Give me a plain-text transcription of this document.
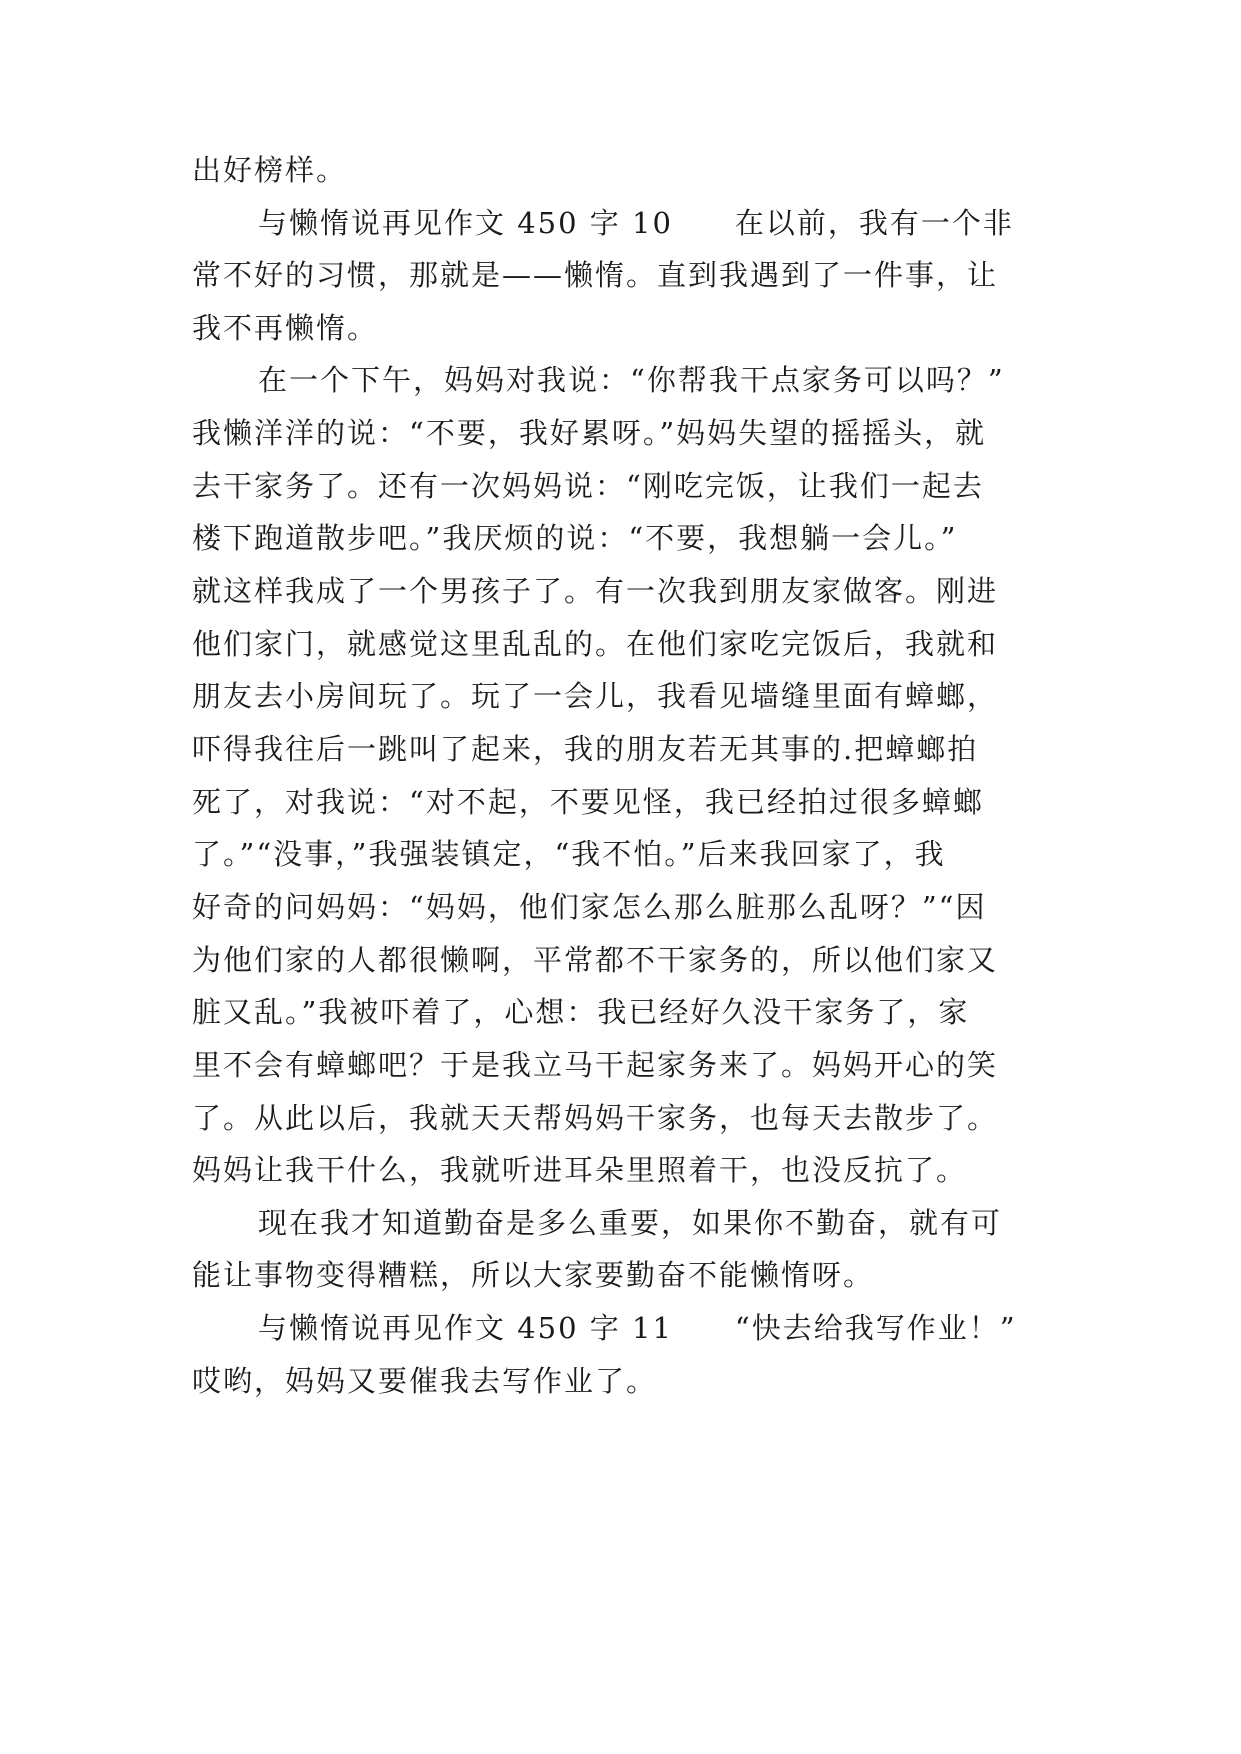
出好榜样。
与懒惰说再见作文 450 字 10　　在以前，我有一个非
常不好的习惯，那就是——懒惰。直到我遇到了一件事，让
我不再懒惰。
在一个下午，妈妈对我说：“你帮我干点家务可以吗？”
我懒洋洋的说：“不要，我好累呀。”妈妈失望的摇摇头，就
去干家务了。还有一次妈妈说：“刚吃完饭，让我们一起去
楼下跑道散步吧。”我厌烦的说：“不要，我想躺一会儿。”
就这样我成了一个男孩子了。有一次我到朋友家做客。刚进
他们家门，就感觉这里乱乱的。在他们家吃完饭后，我就和
朋友去小房间玩了。玩了一会儿，我看见墙缝里面有蟑螂，
吓得我往后一跳叫了起来，我的朋友若无其事的.把蟑螂拍
死了，对我说：“对不起，不要见怪，我已经拍过很多蟑螂
了。”“没事，”我强装镇定，“我不怕。”后来我回家了，我
好奇的问妈妈：“妈妈，他们家怎么那么脏那么乱呀？”“因
为他们家的人都很懒啊，平常都不干家务的，所以他们家又
脏又乱。”我被吓着了，心想：我已经好久没干家务了，家
里不会有蟑螂吧？于是我立马干起家务来了。妈妈开心的笑
了。从此以后，我就天天帮妈妈干家务，也每天去散步了。
妈妈让我干什么，我就听进耳朵里照着干，也没反抗了。
现在我才知道勤奋是多么重要，如果你不勤奋，就有可
能让事物变得糟糕，所以大家要勤奋不能懒惰呀。
与懒惰说再见作文 450 字 11　　“快去给我写作业！”
哎哟，妈妈又要催我去写作业了。
